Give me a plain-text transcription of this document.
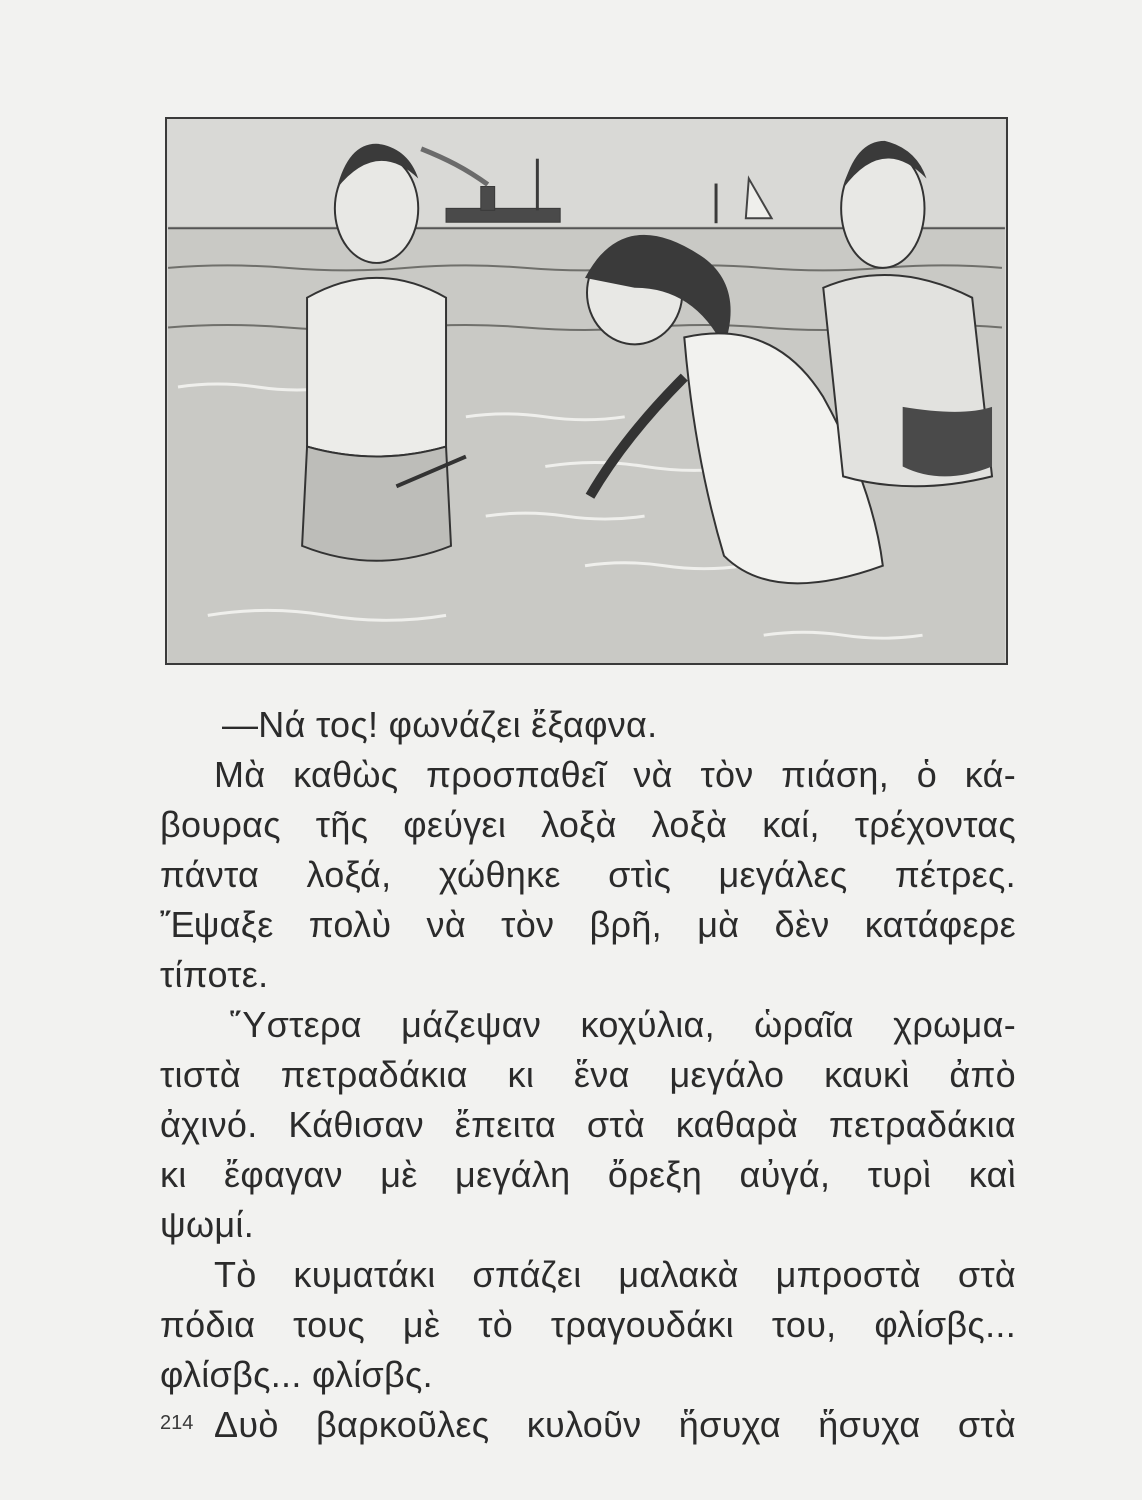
—Νά τος! φωνάζει ἔξαφνα.
Μὰ καθὼς προσπαθεῖ νὰ τὸν πιάση, ὁ κά-
βουρας τῆς φεύγει λοξὰ λοξὰ καί, τρέχοντας
πάντα λοξά, χώθηκε στὶς μεγάλες πέτρες.
Ἔψαξε πολὺ νὰ τὸν βρῆ, μὰ δὲν κατάφερε
τίποτε.
Ὕστερα μάζεψαν κοχύλια, ὡραῖα χρωμα-
τιστὰ πετραδάκια κι ἕνα μεγάλο καυκὶ ἀπὸ
ἀχινό. Κάθισαν ἔπειτα στὰ καθαρὰ πετραδάκια
κι ἔφαγαν μὲ μεγάλη ὄρεξη αὐγά, τυρὶ καὶ
ψωμί.
Τὸ κυματάκι σπάζει μαλακὰ μπροστὰ στὰ
πόδια τους μὲ τὸ τραγουδάκι του, φλίσβς...
φλίσβς... φλίσβς.
Δυὸ βαρκοῦλες κυλοῦν ἥσυχα ἥσυχα στὰ
214
